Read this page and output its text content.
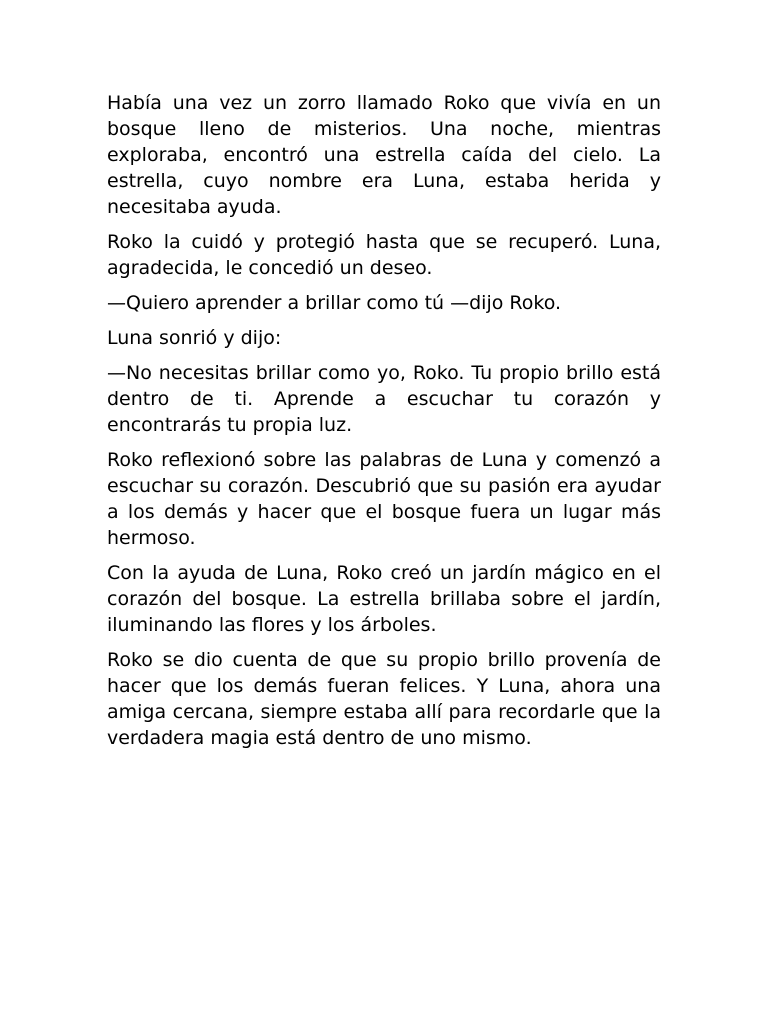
Había una vez un zorro llamado Roko que vivía en un bosque lleno de misterios. Una noche, mientras exploraba, encontró una estrella caída del cielo. La estrella, cuyo nombre era Luna, estaba herida y necesitaba ayuda.

Roko la cuidó y protegió hasta que se recuperó. Luna, agradecida, le concedió un deseo.

—Quiero aprender a brillar como tú —dijo Roko.

Luna sonrió y dijo:

—No necesitas brillar como yo, Roko. Tu propio brillo está dentro de ti. Aprende a escuchar tu corazón y encontrarás tu propia luz.

Roko reflexionó sobre las palabras de Luna y comenzó a escuchar su corazón. Descubrió que su pasión era ayudar a los demás y hacer que el bosque fuera un lugar más hermoso.

Con la ayuda de Luna, Roko creó un jardín mágico en el corazón del bosque. La estrella brillaba sobre el jardín, iluminando las flores y los árboles.

Roko se dio cuenta de que su propio brillo provenía de hacer que los demás fueran felices. Y Luna, ahora una amiga cercana, siempre estaba allí para recordarle que la verdadera magia está dentro de uno mismo.
